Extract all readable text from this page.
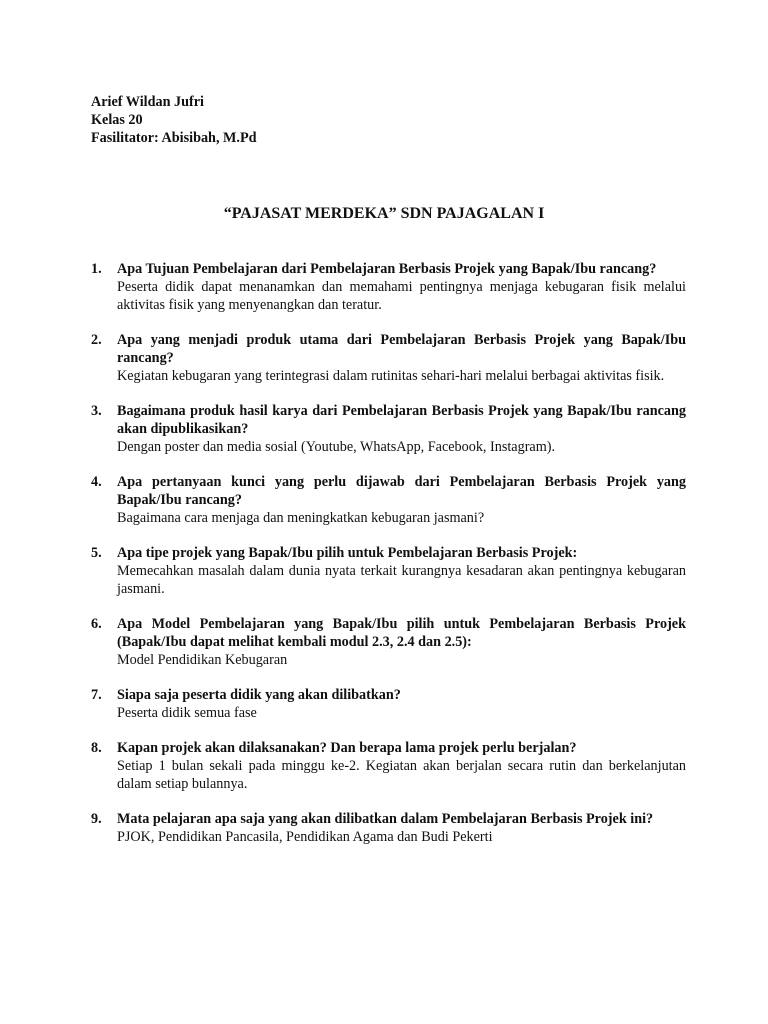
Arief Wildan Jufri
Kelas 20
Fasilitator: Abisibah, M.Pd
“PAJASAT MERDEKA” SDN PAJAGALAN I
1. Apa Tujuan Pembelajaran dari Pembelajaran Berbasis Projek yang Bapak/Ibu rancang?
Peserta didik dapat menanamkan dan memahami pentingnya menjaga kebugaran fisik melalui aktivitas fisik yang menyenangkan dan teratur.
2. Apa yang menjadi produk utama dari Pembelajaran Berbasis Projek yang Bapak/Ibu rancang?
Kegiatan kebugaran yang terintegrasi dalam rutinitas sehari-hari melalui berbagai aktivitas fisik.
3. Bagaimana produk hasil karya dari Pembelajaran Berbasis Projek yang Bapak/Ibu rancang akan dipublikasikan?
Dengan poster dan media sosial (Youtube, WhatsApp, Facebook, Instagram).
4. Apa pertanyaan kunci yang perlu dijawab dari Pembelajaran Berbasis Projek yang Bapak/Ibu rancang?
Bagaimana cara menjaga dan meningkatkan kebugaran jasmani?
5. Apa tipe projek yang Bapak/Ibu pilih untuk Pembelajaran Berbasis Projek:
Memecahkan masalah dalam dunia nyata terkait kurangnya kesadaran akan pentingnya kebugaran jasmani.
6. Apa Model Pembelajaran yang Bapak/Ibu pilih untuk Pembelajaran Berbasis Projek (Bapak/Ibu dapat melihat kembali modul 2.3, 2.4 dan 2.5):
Model Pendidikan Kebugaran
7. Siapa saja peserta didik yang akan dilibatkan?
Peserta didik semua fase
8. Kapan projek akan dilaksanakan? Dan berapa lama projek perlu berjalan?
Setiap 1 bulan sekali pada minggu ke-2. Kegiatan akan berjalan secara rutin dan berkelanjutan dalam setiap bulannya.
9. Mata pelajaran apa saja yang akan dilibatkan dalam Pembelajaran Berbasis Projek ini?
PJOK, Pendidikan Pancasila, Pendidikan Agama dan Budi Pekerti
